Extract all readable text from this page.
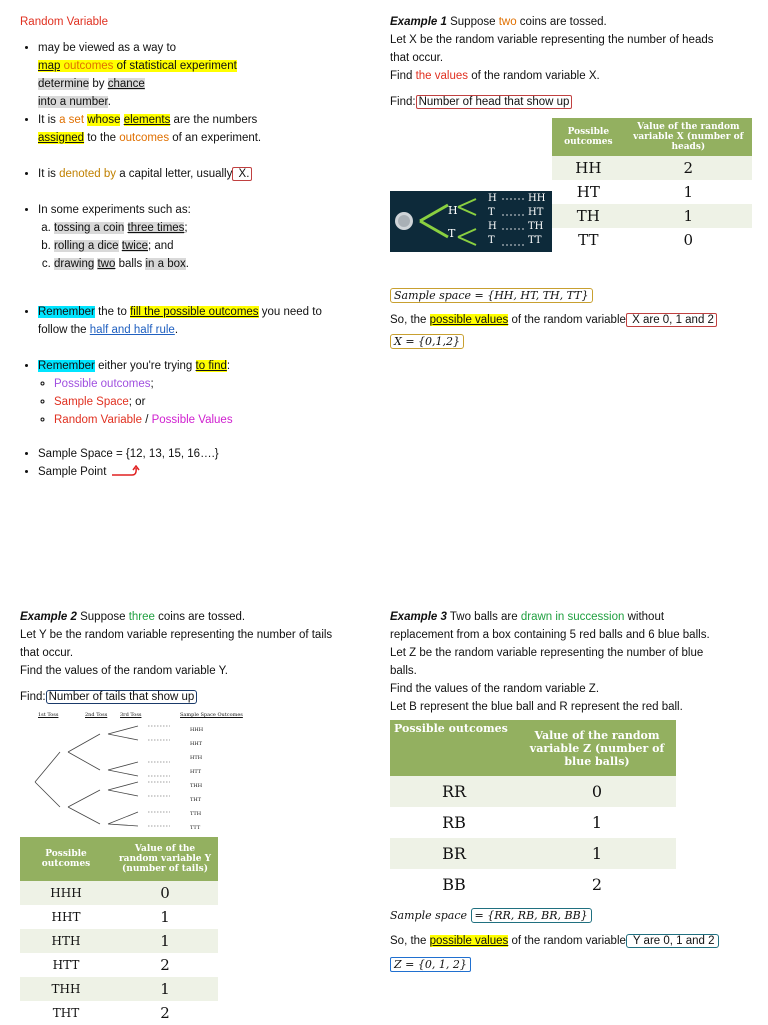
Random Variable

• may be viewed as a way to
map outcomes of statistical experiment
determine by chance
into a number.
• It is a set whose elements are the numbers
assigned to the outcomes of an experiment.
• It is denoted by a capital letter, usually X.
• In some experiments such as:
a. tossing a coin three times;
b. rolling a dice twice; and
c. drawing two balls in a box.
• Remember the to fill the possible outcomes you need to
follow the half and half rule.
• Remember either you're trying to find:
◦ Possible outcomes;
◦ Sample Space; or
◦ Random Variable / Possible Values
• Sample Space = {12, 13, 15, 16….}
• Sample Point

Example 1 Suppose two coins are tossed.

Let X be the random variable representing the number of heads

that occur.

Find the values of the random variable X.

Find: Number of head that show up

H
T
H
T
H
T
HH
HT
TH
TT
Possible outcomes	Value of the random variable X (number of heads)
HH	2
HT	1
TH	1
TT	0

Sample space = {HH, HT, TH, TT}

So, the possible values of the random variable X are 0, 1 and 2

X = {0,1,2}

Example 2 Suppose three coins are tossed.

Let Y be the random variable representing the number of tails

that occur.

Find the values of the random variable Y.

Find: Number of tails that show up

1st Toss	2nd Toss	3rd Toss	Sample Space Outcomes
HHH
HHT
HTH
HTT
THH
THT
TTH
TTT
Possible outcomes	Value of the random variable Y (number of tails)
HHH	0
HHT	1
HTH	1
HTT	2
THH	1
THT	2

Example 3 Two balls are drawn in succession without

replacement from a box containing 5 red balls and 6 blue balls.

Let Z be the random variable representing the number of blue

balls.

Find the values of the random variable Z.

Let B represent the blue ball and R represent the red ball.

Possible outcomes	Value of the random variable Z (number of blue balls)
RR	0
RB	1
BR	1
BB	2

Sample space = {RR, RB, BR, BB}

So, the possible values of the random variable Y are 0, 1 and 2

Z = {0, 1, 2}
